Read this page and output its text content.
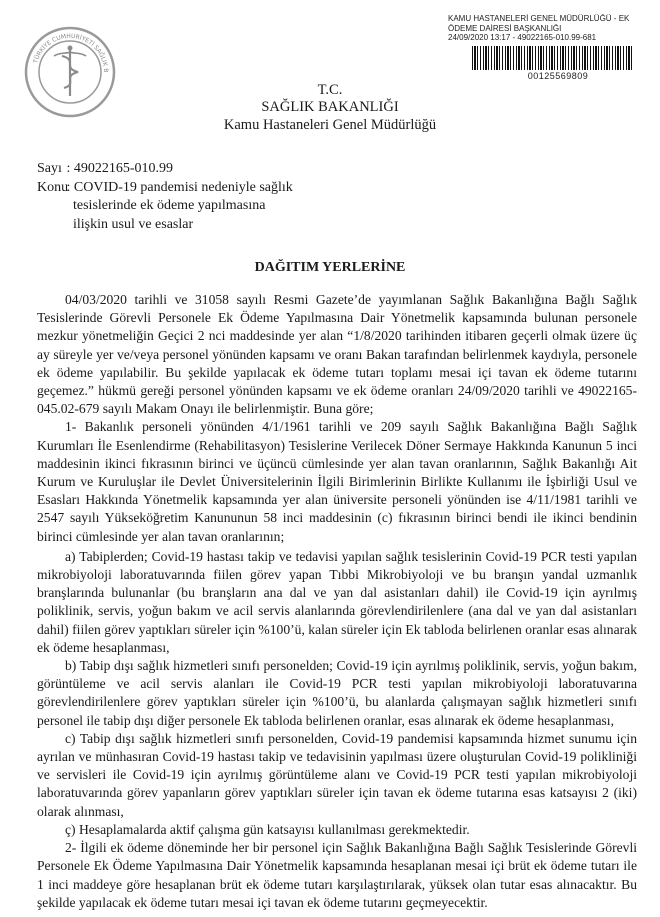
TÜRKİYE CUMHURİYETİ SAĞLIK B
KAMU HASTANELERİ GENEL MÜDÜRLÜĞÜ - EK
ÖDEME DAİRESİ BAŞKANLIĞI
24/09/2020 13:17 - 49022165-010.99-681
00125569809
T.C.
SAĞLIK BAKANLIĞI
Kamu Hastaneleri Genel Müdürlüğü
Sayı : 49022165-010.99
Konu : COVID-19 pandemisi nedeniyle sağlık
tesislerinde ek ödeme yapılmasına
ilişkin usul ve esaslar
DAĞITIM YERLERİNE

04/03/2020 tarihli ve 31058 sayılı Resmi Gazete’de yayımlanan Sağlık Bakanlığına Bağlı Sağlık Tesislerinde Görevli Personele Ek Ödeme Yapılmasına Dair Yönetmelik kapsamında bulunan personele mezkur yönetmeliğin Geçici 2 nci maddesinde yer alan “1/8/2020 tarihinden itibaren geçerli olmak üzere üç ay süreyle yer ve/veya personel yönünden kapsamı ve oranı Bakan tarafından belirlenmek kaydıyla, personele ek ödeme yapılabilir. Bu şekilde yapılacak ek ödeme tutarı toplamı mesai içi tavan ek ödeme tutarını geçemez.” hükmü gereği personel yönünden kapsamı ve ek ödeme oranları 24/09/2020 tarihli ve 49022165-045.02-679 sayılı Makam Onayı ile belirlenmiştir. Buna göre;

1- Bakanlık personeli yönünden 4/1/1961 tarihli ve 209 sayılı Sağlık Bakanlığına Bağlı Sağlık Kurumları İle Esenlendirme (Rehabilitasyon) Tesislerine Verilecek Döner Sermaye Hakkında Kanunun 5 inci maddesinin ikinci fıkrasının birinci ve üçüncü cümlesinde yer alan tavan oranlarının, Sağlık Bakanlığı Ait Kurum ve Kuruluşlar ile Devlet Üniversitelerinin İlgili Birimlerinin Birlikte Kullanımı ile İşbirliği Usul ve Esasları Hakkında Yönetmelik kapsamında yer alan üniversite personeli yönünden ise 4/11/1981 tarihli ve 2547 sayılı Yükseköğretim Kanununun 58 inci maddesinin (c) fıkrasının birinci bendi ile ikinci bendinin birinci cümlesinde yer alan tavan oranlarının;

a) Tabiplerden; Covid-19 hastası takip ve tedavisi yapılan sağlık tesislerinin Covid-19 PCR testi yapılan mikrobiyoloji laboratuvarında fiilen görev yapan Tıbbi Mikrobiyoloji ve bu branşın yandal uzmanlık branşlarında bulunanlar (bu branşların ana dal ve yan dal asistanları dahil) ile Covid-19 için ayrılmış poliklinik, servis, yoğun bakım ve acil servis alanlarında görevlendirilenlere (ana dal ve yan dal asistanları dahil) fiilen görev yaptıkları süreler için %100’ü, kalan süreler için Ek tabloda belirlenen oranlar esas alınarak ek ödeme hesaplanması,

b) Tabip dışı sağlık hizmetleri sınıfı personelden; Covid-19 için ayrılmış poliklinik, servis, yoğun bakım, görüntüleme ve acil servis alanları ile Covid-19 PCR testi yapılan mikrobiyoloji laboratuvarına görevlendirilenlere görev yaptıkları süreler için %100’ü, bu alanlarda çalışmayan sağlık hizmetleri sınıfı personel ile tabip dışı diğer personele Ek tabloda belirlenen oranlar, esas alınarak ek ödeme hesaplanması,

c) Tabip dışı sağlık hizmetleri sınıfı personelden, Covid-19 pandemisi kapsamında hizmet sunumu için ayrılan ve münhasıran Covid-19 hastası takip ve tedavisinin yapılması üzere oluşturulan Covid-19 polikliniği ve servisleri ile Covid-19 için ayrılmış görüntüleme alanı ve Covid-19 PCR testi yapılan mikrobiyoloji laboratuvarında görev yapanların görev yaptıkları süreler için tavan ek ödeme tutarına esas katsayısı 2 (iki) olarak alınması,

ç) Hesaplamalarda aktif çalışma gün katsayısı kullanılması gerekmektedir.

2- İlgili ek ödeme döneminde her bir personel için Sağlık Bakanlığına Bağlı Sağlık Tesislerinde Görevli Personele Ek Ödeme Yapılmasına Dair Yönetmelik kapsamında hesaplanan mesai içi brüt ek ödeme tutarı ile 1 inci maddeye göre hesaplanan brüt ek ödeme tutarı karşılaştırılarak, yüksek olan tutar esas alınacaktır. Bu şekilde yapılacak ek ödeme tutarı mesai içi tavan ek ödeme tutarını geçmeyecektir.
